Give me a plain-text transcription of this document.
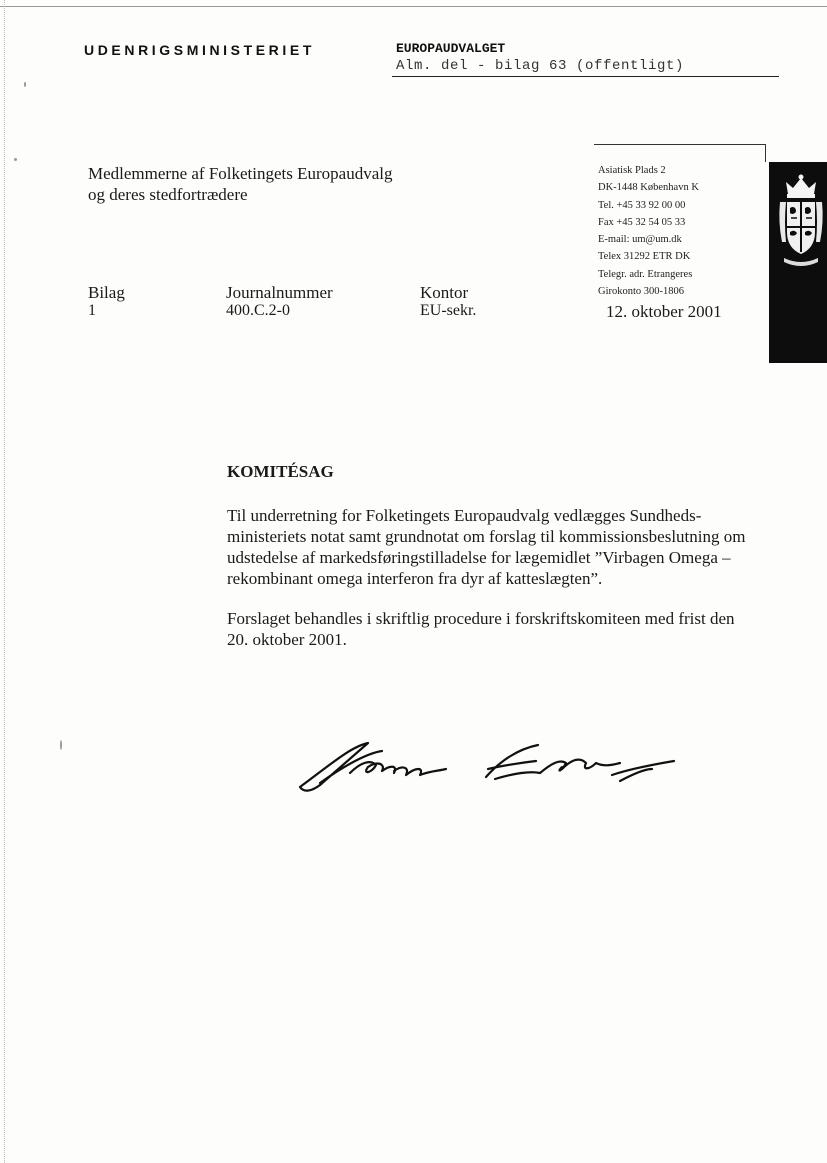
UDENRIGSMINISTERIET	EUROPAUDVALGET
Alm. del - bilag 63 (offentligt)
Medlemmerne af Folketingets Europaudvalg
og deres stedfortrædere
Asiatisk Plads 2
DK-1448 København K
Tel. +45 33 92 00 00
Fax +45 32 54 05 33
E-mail: um@um.dk
Telex 31292 ETR DK
Telegr. adr. Etrangeres
Girokonto 300-1806
Bilag
1
Journalnummer
400.C.2-0
Kontor
EU-sekr.	12. oktober 2001
KOMITÉSAG
Til underretning for Folketingets Europaudvalg vedlægges Sundheds-
ministeriets notat samt grundnotat om forslag til kommissionsbeslutning om
udstedelse af markedsføringstilladelse for lægemidlet ”Virbagen Omega –
rekombinant omega interferon fra dyr af katteslægten”.
Forslaget behandles i skriftlig procedure i forskriftskomiteen med frist den
20. oktober 2001.
